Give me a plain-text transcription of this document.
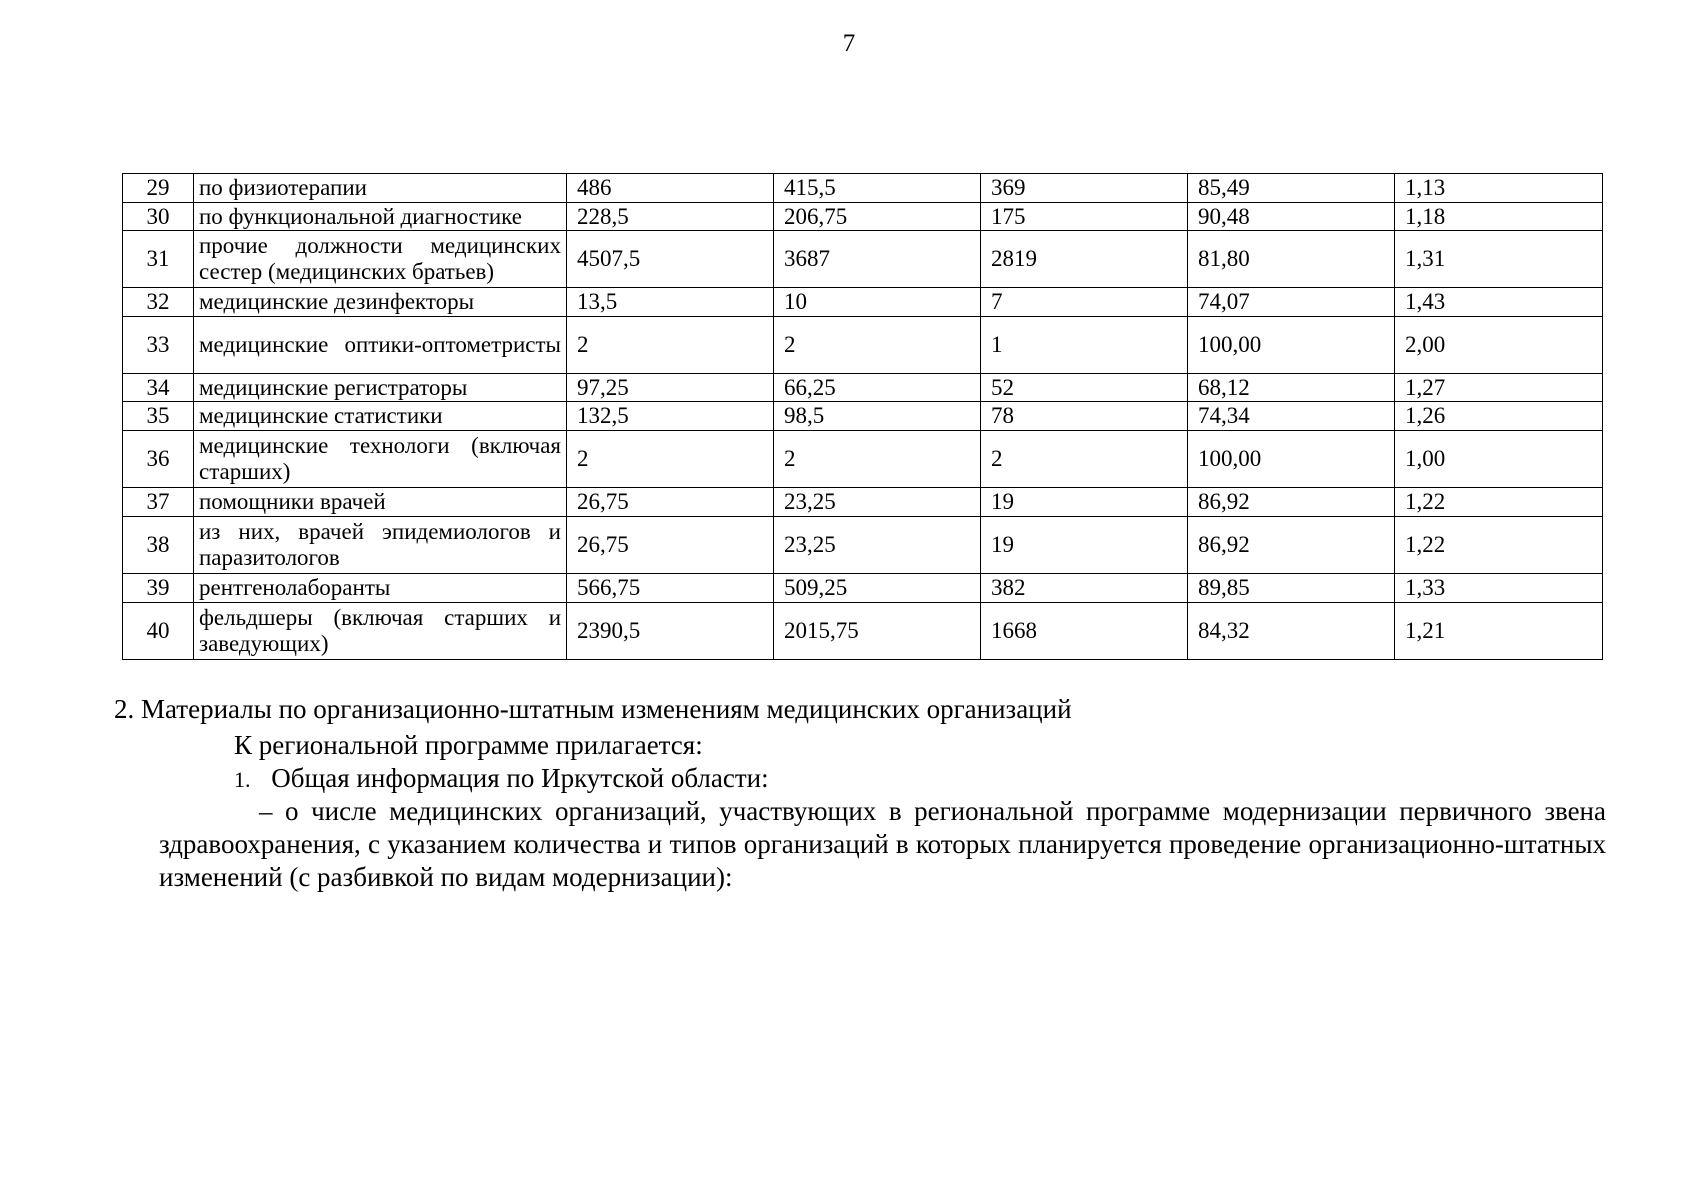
7
29	по физиотерапии	486	415,5	369	85,49	1,13
30	по функциональной диагностике	228,5	206,75	175	90,48	1,18
31	прочие должности медицинских сестер (медицинских братьев)	4507,5	3687	2819	81,80	1,31
32	медицинские дезинфекторы	13,5	10	7	74,07	1,43
33	медицинские оптики-оптометристы	2	2	1	100,00	2,00
34	медицинские регистраторы	97,25	66,25	52	68,12	1,27
35	медицинские статистики	132,5	98,5	78	74,34	1,26
36	медицинские технологи (включая старших)	2	2	2	100,00	1,00
37	помощники врачей	26,75	23,25	19	86,92	1,22
38	из них, врачей эпидемиологов и паразитологов	26,75	23,25	19	86,92	1,22
39	рентгенолаборанты	566,75	509,25	382	89,85	1,33
40	фельдшеры (включая старших и заведующих)	2390,5	2015,75	1668	84,32	1,21
2. Материалы по организационно-штатным изменениям медицинских организаций
К региональной программе прилагается:
1. Общая информация по Иркутской области:
– о числе медицинских организаций, участвующих в региональной программе модернизации первичного звена здравоохранения, с указанием количества и типов организаций в которых планируется проведение организационно-штатных изменений (с разбивкой по видам модернизации):
